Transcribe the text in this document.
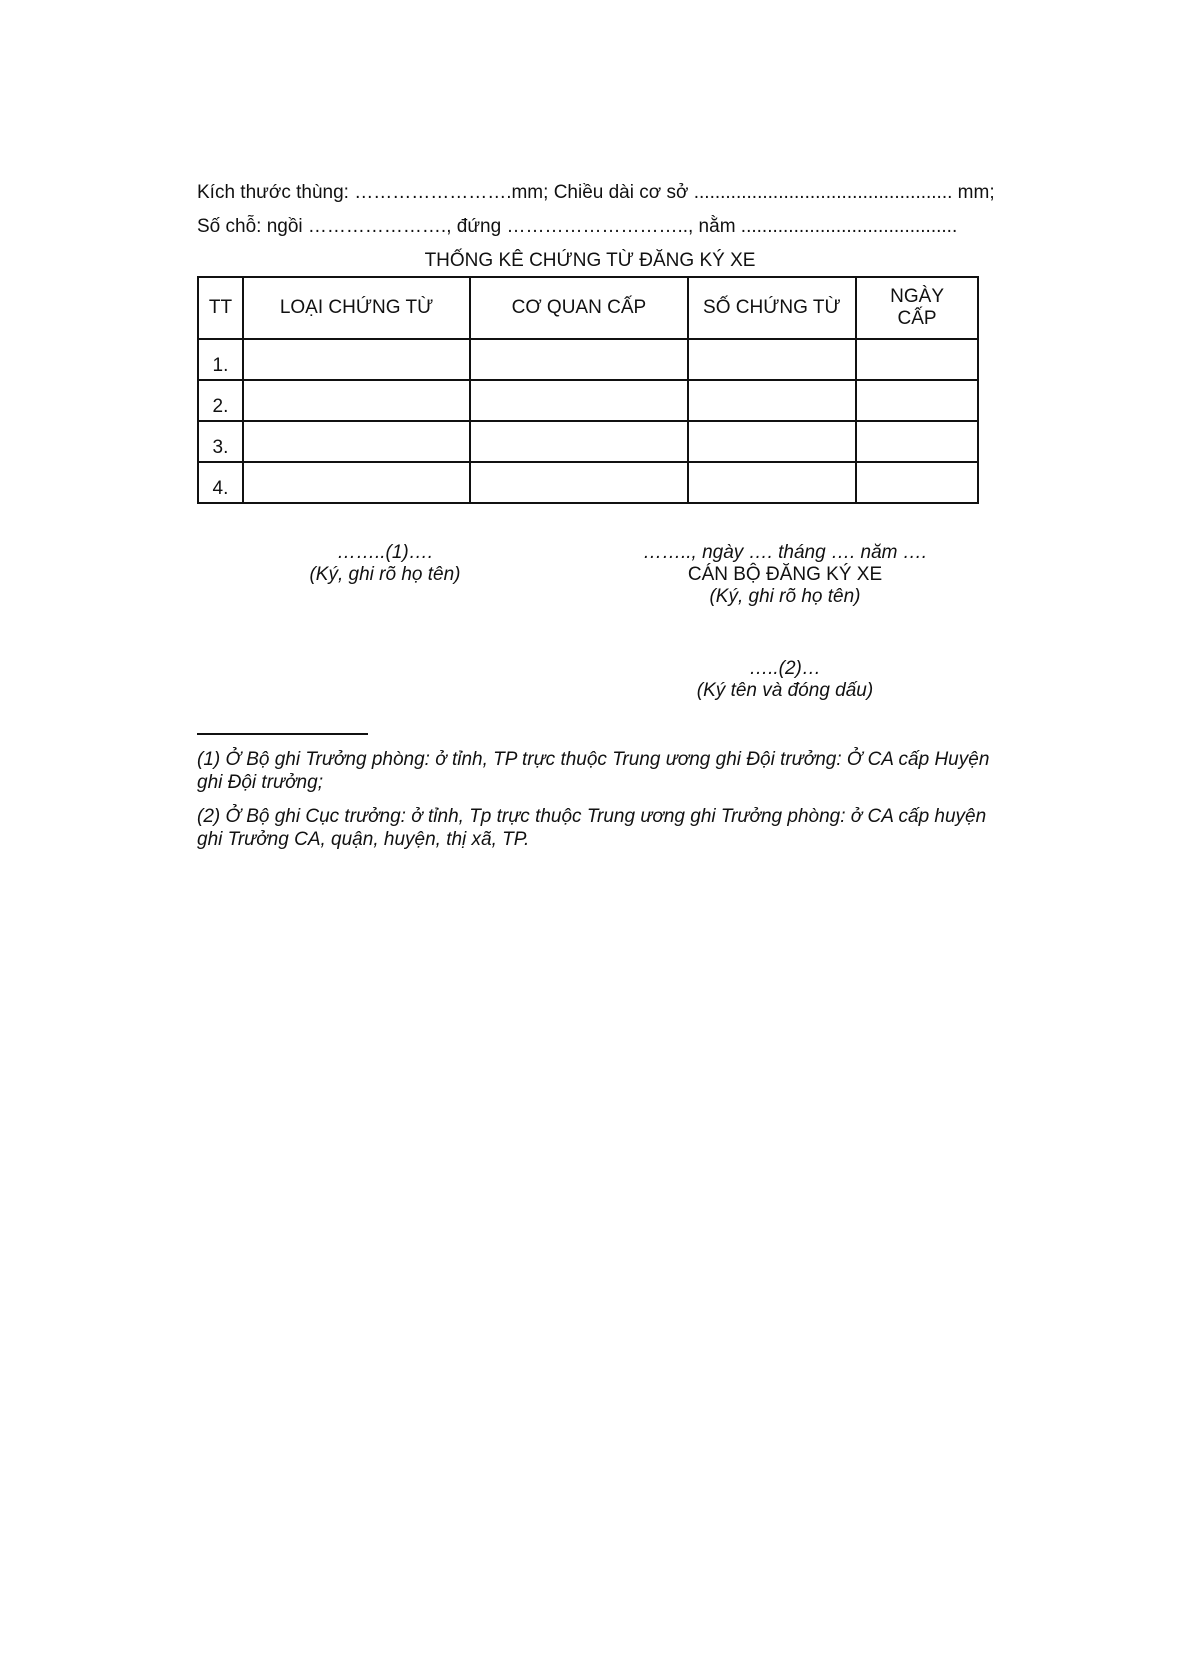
Kích thước thùng: …………………….mm; Chiều dài cơ sở ................................................. mm;
Số chỗ: ngồi …………………., đứng ……………………….., nằm .........................................
THỐNG KÊ CHỨNG TỪ ĐĂNG KÝ XE
TT	LOẠI CHỨNG TỪ	CƠ QUAN CẤP	SỐ CHỨNG TỪ	NGÀY CẤP
1.				
2.				
3.				
4.				
……..(1)….
(Ký, ghi rõ họ tên)
…….., ngày …. tháng …. năm ….
CÁN BỘ ĐĂNG KÝ XE
(Ký, ghi rõ họ tên)
…..(2)…
(Ký tên và đóng dấu)
(1) Ở Bộ ghi Trưởng phòng: ở tỉnh, TP trực thuộc Trung ương ghi Đội trưởng: Ở CA cấp Huyện ghi Đội trưởng;
(2) Ở Bộ ghi Cục trưởng: ở tỉnh, Tp trực thuộc Trung ương ghi Trưởng phòng: ở CA cấp huyện ghi Trưởng CA, quận, huyện, thị xã, TP.
